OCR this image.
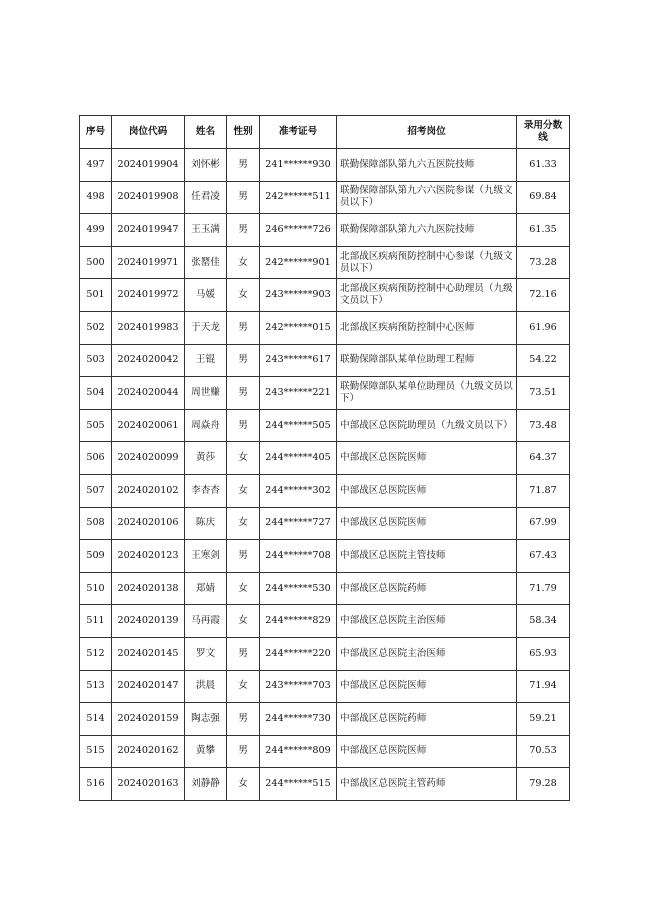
序号	岗位代码	姓名	性别	准考证号	招考岗位	录用分数线
497	2024019904	刘怀彬	男	241******930	联勤保障部队第九六五医院技师	61.33
498	2024019908	任君凌	男	242******511	联勤保障部队第九六六医院参谋（九级文员以下）	69.84
499	2024019947	王玉满	男	246******726	联勤保障部队第九六九医院技师	61.35
500	2024019971	张罂佳	女	242******901	北部战区疾病预防控制中心参谋（九级文员以下）	73.28
501	2024019972	马媛	女	243******903	北部战区疾病预防控制中心助理员（九级文员以下）	72.16
502	2024019983	于天龙	男	242******015	北部战区疾病预防控制中心医师	61.96
503	2024020042	王锟	男	243******617	联勤保障部队某单位助理工程师	54.22
504	2024020044	周世赚	男	243******221	联勤保障部队某单位助理员（九级文员以下）	73.51
505	2024020061	周焱舟	男	244******505	中部战区总医院助理员（九级文员以下）	73.48
506	2024020099	黄莎	女	244******405	中部战区总医院医师	64.37
507	2024020102	李杏杏	女	244******302	中部战区总医院医师	71.87
508	2024020106	陈庆	女	244******727	中部战区总医院医师	67.99
509	2024020123	王寒剑	男	244******708	中部战区总医院主管技师	67.43
510	2024020138	郑婧	女	244******530	中部战区总医院药师	71.79
511	2024020139	马再霞	女	244******829	中部战区总医院主治医师	58.34
512	2024020145	罗文	男	244******220	中部战区总医院主治医师	65.93
513	2024020147	洪晨	女	243******703	中部战区总医院医师	71.94
514	2024020159	陶志强	男	244******730	中部战区总医院药师	59.21
515	2024020162	黄攀	男	244******809	中部战区总医院医师	70.53
516	2024020163	刘静静	女	244******515	中部战区总医院主管药师	79.28
